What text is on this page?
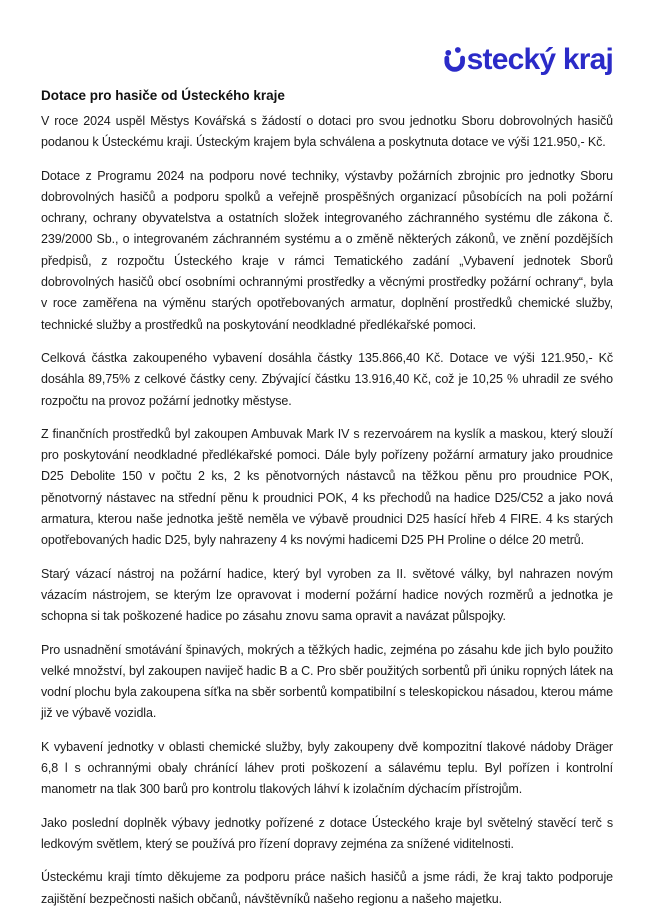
stecký kraj
Dotace pro hasiče od Ústeckého kraje

V roce 2024 uspěl Městys Kovářská s žádostí o dotaci pro svou jednotku Sboru dobrovolných hasičů podanou k Ústeckému kraji. Ústeckým krajem byla schválena a poskytnuta dotace ve výši 121.950,- Kč.

Dotace z Programu 2024 na podporu nové techniky, výstavby požárních zbrojnic pro jednotky Sboru dobrovolných hasičů a podporu spolků a veřejně prospěšných organizací působících na poli požární ochrany, ochrany obyvatelstva a ostatních složek integrovaného záchranného systému dle zákona č. 239/2000 Sb., o integrovaném záchranném systému a o změně některých zákonů, ve znění pozdějších předpisů, z rozpočtu Ústeckého kraje v rámci Tematického zadání „Vybavení jednotek Sborů dobrovolných hasičů obcí osobními ochrannými prostředky a věcnými prostředky požární ochrany“, byla v roce zaměřena na výměnu starých opotřebovaných armatur, doplnění prostředků chemické služby, technické služby a prostředků na poskytování neodkladné předlékařské pomoci.

Celková částka zakoupeného vybavení dosáhla částky 135.866,40 Kč. Dotace ve výši 121.950,- Kč dosáhla 89,75% z celkové částky ceny. Zbývající částku 13.916,40 Kč, což je 10,25 % uhradil ze svého rozpočtu na provoz požární jednotky městyse.

Z finančních prostředků byl zakoupen Ambuvak Mark IV s rezervoárem na kyslík a maskou, který slouží pro poskytování neodkladné předlékařské pomoci. Dále byly pořízeny požární armatury jako proudnice D25 Debolite 150 v počtu 2 ks, 2 ks pěnotvorných nástavců na těžkou pěnu pro proudnice POK, pěnotvorný nástavec na střední pěnu k proudnici POK, 4 ks přechodů na hadice D25/C52 a jako nová armatura, kterou naše jednotka ještě neměla ve výbavě proudnici D25 hasící hřeb 4 FIRE. 4 ks starých opotřebovaných hadic D25, byly nahrazeny 4 ks novými hadicemi D25 PH Proline o délce 20 metrů.

Starý vázací nástroj na požární hadice, který byl vyroben za II. světové války, byl nahrazen novým vázacím nástrojem, se kterým lze opravovat i moderní požární hadice nových rozměrů a jednotka je schopna si tak poškozené hadice po zásahu znovu sama opravit a navázat půlspojky.

Pro usnadnění smotávání špinavých, mokrých a těžkých hadic, zejména po zásahu kde jich bylo použito velké množství, byl zakoupen naviječ hadic B a C. Pro sběr použitých sorbentů při úniku ropných látek na vodní plochu byla zakoupena síťka na sběr sorbentů kompatibilní s teleskopickou násadou, kterou máme již ve výbavě vozidla.

K vybavení jednotky v oblasti chemické služby, byly zakoupeny dvě kompozitní tlakové nádoby Dräger 6,8 l s ochrannými obaly chránící láhev proti poškození a sálavému teplu. Byl pořízen i kontrolní manometr na tlak 300 barů pro kontrolu tlakových láhví k izolačním dýchacím přístrojům.

Jako poslední doplněk výbavy jednotky pořízené z dotace Ústeckého kraje byl světelný stavěcí terč s ledkovým světlem, který se používá pro řízení dopravy zejména za snížené viditelnosti.

Ústeckému kraji tímto děkujeme za podporu práce našich hasičů a jsme rádi, že kraj takto podporuje zajištění bezpečnosti našich občanů, návštěvníků našeho regionu a našeho majetku.
